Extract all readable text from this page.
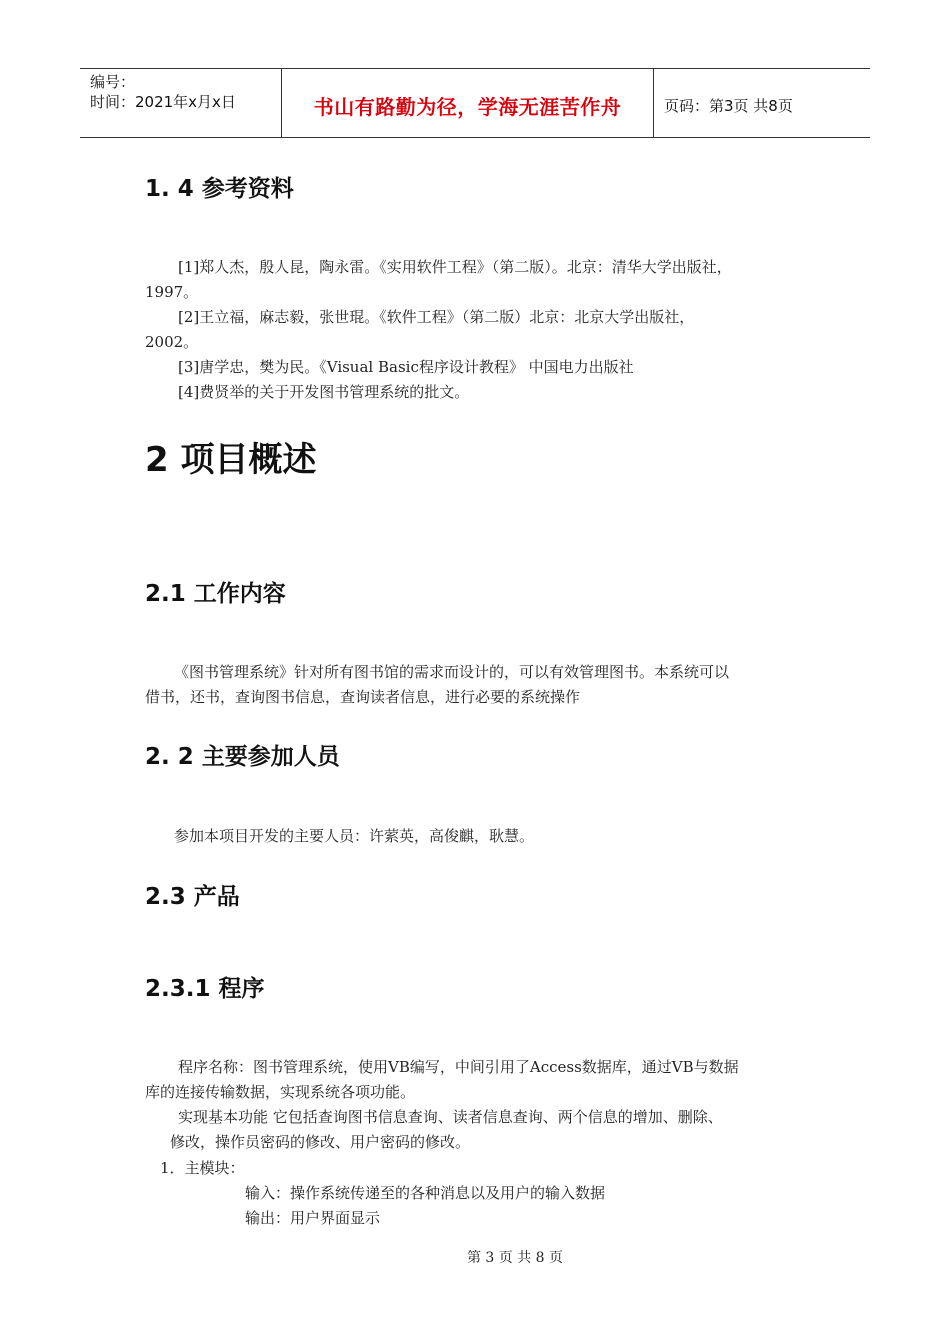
编号：
时间：2021年x月x日	书山有路勤为径，学海无涯苦作舟	页码：第3页 共8页
1. 4 参考资料
[1]郑人杰，殷人昆，陶永雷。《实用软件工程》（第二版）。北京：清华大学出版社，
1997。
[2]王立福，麻志毅，张世琨。《软件工程》（第二版）北京：北京大学出版社，
2002。
[3]唐学忠，樊为民。《Visual Basic程序设计教程》 中国电力出版社
[4]费贤举的关于开发图书管理系统的批文。
2 项目概述
2.1 工作内容
《图书管理系统》针对所有图书馆的需求而设计的，可以有效管理图书。本系统可以
借书，还书，查询图书信息，查询读者信息，进行必要的系统操作
2. 2 主要参加人员
参加本项目开发的主要人员：许萦英，高俊麒，耿慧。
2.3 产品
2.3.1 程序
程序名称：图书管理系统，使用VB编写，中间引用了Access数据库，通过VB与数据
库的连接传输数据，实现系统各项功能。
实现基本功能 它包括查询图书信息查询、读者信息查询、两个信息的增加、删除、
修改，操作员密码的修改、用户密码的修改。
1．主模块：
输入：操作系统传递至的各种消息以及用户的输入数据
输出：用户界面显示
第 3 页 共 8 页
